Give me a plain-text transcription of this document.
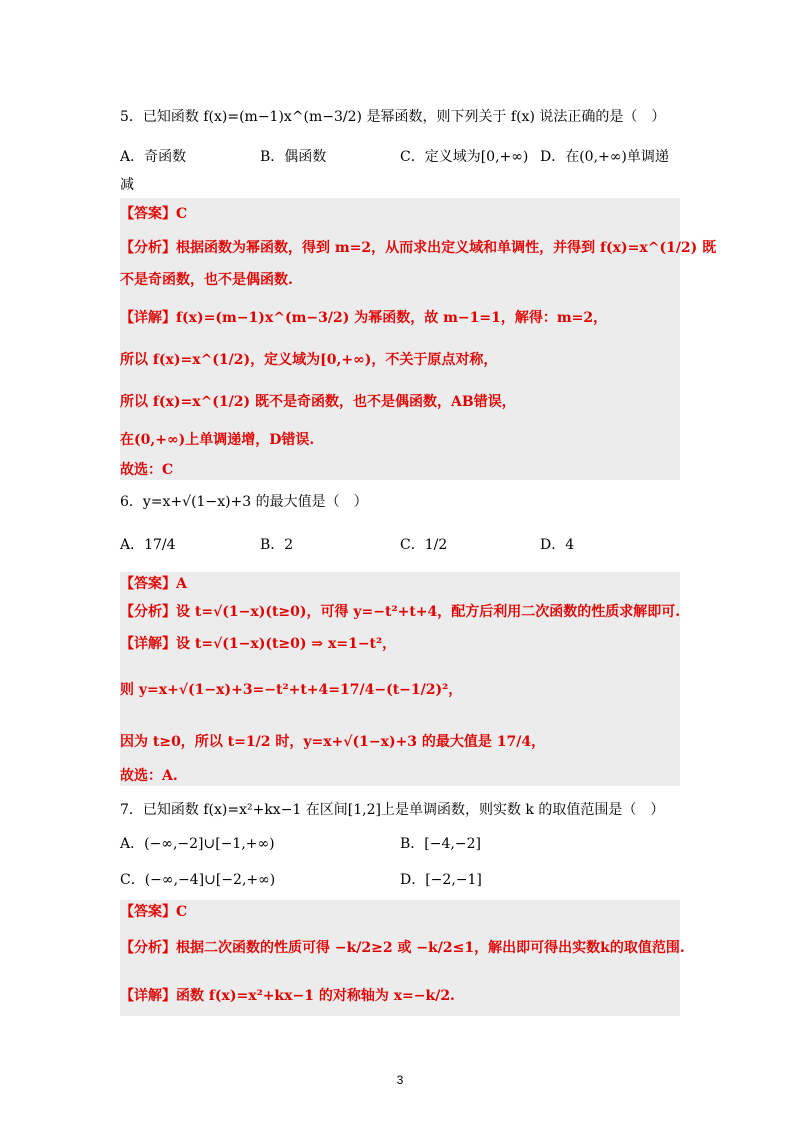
5．已知函数 f(x)=(m−1)x^(m−3/2) 是幂函数，则下列关于 f(x) 说法正确的是（　）
A．奇函数	B．偶函数	C．定义域为[0,+∞) D．在(0,+∞)单调递
减
【答案】C
【分析】根据函数为幂函数，得到 m=2，从而求出定义域和单调性，并得到 f(x)=x^(1/2) 既
不是奇函数，也不是偶函数.
【详解】f(x)=(m−1)x^(m−3/2) 为幂函数，故 m−1=1，解得：m=2，
所以 f(x)=x^(1/2)，定义域为[0,+∞)，不关于原点对称，
所以 f(x)=x^(1/2) 既不是奇函数，也不是偶函数，AB错误，
在(0,+∞)上单调递增，D错误.
故选：C
6．y=x+√(1−x)+3 的最大值是（　）
A．17/4	B．2	C．1/2	D．4
【答案】A
【分析】设 t=√(1−x)(t≥0)，可得 y=−t²+t+4，配方后利用二次函数的性质求解即可.
【详解】设 t=√(1−x)(t≥0) ⇒ x=1−t²，
则 y=x+√(1−x)+3=−t²+t+4=17/4−(t−1/2)²，
因为 t≥0，所以 t=1/2 时，y=x+√(1−x)+3 的最大值是 17/4，
故选：A.
7．已知函数 f(x)=x²+kx−1 在区间[1,2]上是单调函数，则实数 k 的取值范围是（　）
A．(−∞,−2]∪[−1,+∞)	B．[−4,−2]
C．(−∞,−4]∪[−2,+∞)	D．[−2,−1]
【答案】C
【分析】根据二次函数的性质可得 −k/2≥2 或 −k/2≤1，解出即可得出实数k的取值范围.
【详解】函数 f(x)=x²+kx−1 的对称轴为 x=−k/2.
3
